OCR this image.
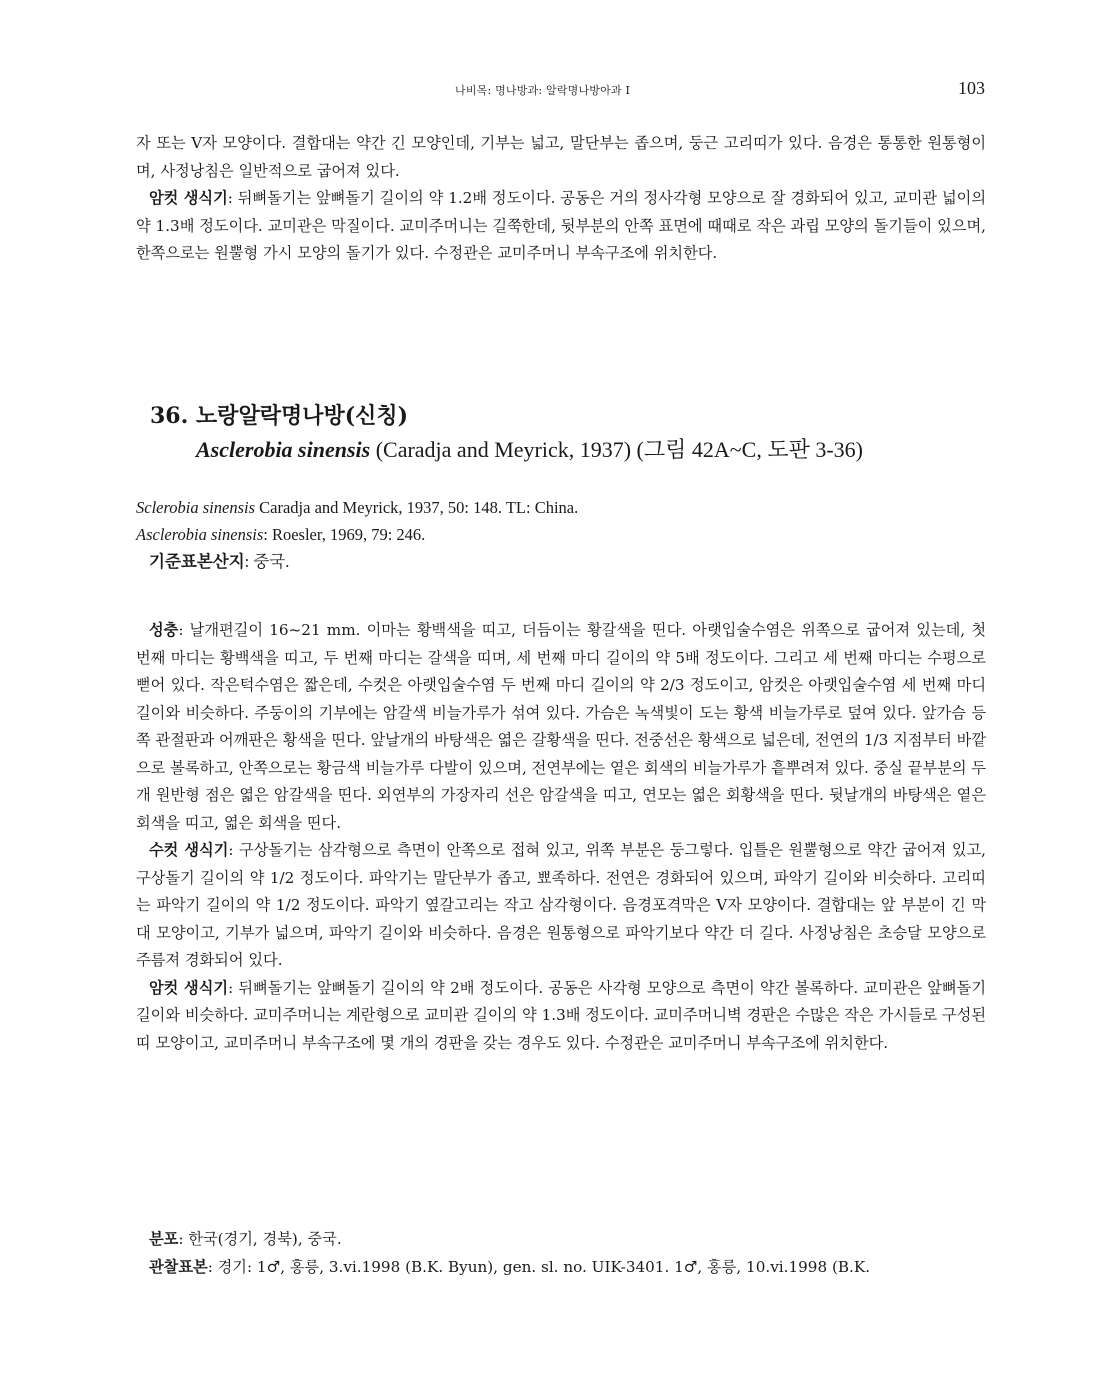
나비목: 명나방과: 알락명나방아과 I	103

자 또는 V자 모양이다. 결합대는 약간 긴 모양인데, 기부는 넓고, 말단부는 좁으며, 둥근 고리띠가 있다. 음경은 통통한 원통형이며, 사정낭침은 일반적으로 굽어져 있다.

암컷 생식기: 뒤뼈돌기는 앞뼈돌기 길이의 약 1.2배 정도이다. 공동은 거의 정사각형 모양으로 잘 경화되어 있고, 교미관 넓이의 약 1.3배 정도이다. 교미관은 막질이다. 교미주머니는 길쭉한데, 뒷부분의 안쪽 표면에 때때로 작은 과립 모양의 돌기들이 있으며, 한쪽으로는 원뿔형 가시 모양의 돌기가 있다. 수정관은 교미주머니 부속구조에 위치한다.

36. 노랑알락명나방(신칭)
Asclerobia sinensis (Caradja and Meyrick, 1937) (그림 42A~C, 도판 3-36)

Sclerobia sinensis Caradja and Meyrick, 1937, 50: 148. TL: China.

Asclerobia sinensis: Roesler, 1969, 79: 246.

기준표본산지: 중국.

성충: 날개편길이 16~21 mm. 이마는 황백색을 띠고, 더듬이는 황갈색을 띤다. 아랫입술수염은 위쪽으로 굽어져 있는데, 첫 번째 마디는 황백색을 띠고, 두 번째 마디는 갈색을 띠며, 세 번째 마디 길이의 약 5배 정도이다. 그리고 세 번째 마디는 수평으로 뻗어 있다. 작은턱수염은 짧은데, 수컷은 아랫입술수염 두 번째 마디 길이의 약 2/3 정도이고, 암컷은 아랫입술수염 세 번째 마디 길이와 비슷하다. 주둥이의 기부에는 암갈색 비늘가루가 섞여 있다. 가슴은 녹색빛이 도는 황색 비늘가루로 덮여 있다. 앞가슴 등쪽 관절판과 어깨판은 황색을 띤다. 앞날개의 바탕색은 엷은 갈황색을 띤다. 전중선은 황색으로 넓은데, 전연의 1/3 지점부터 바깥으로 볼록하고, 안쪽으로는 황금색 비늘가루 다발이 있으며, 전연부에는 옅은 회색의 비늘가루가 흩뿌려져 있다. 중실 끝부분의 두 개 원반형 점은 엷은 암갈색을 띤다. 외연부의 가장자리 선은 암갈색을 띠고, 연모는 엷은 회황색을 띤다. 뒷날개의 바탕색은 옅은 회색을 띠고, 엷은 회색을 띤다.

수컷 생식기: 구상돌기는 삼각형으로 측면이 안쪽으로 접혀 있고, 위쪽 부분은 둥그렇다. 입틀은 원뿔형으로 약간 굽어져 있고, 구상돌기 길이의 약 1/2 정도이다. 파악기는 말단부가 좁고, 뾰족하다. 전연은 경화되어 있으며, 파악기 길이와 비슷하다. 고리띠는 파악기 길이의 약 1/2 정도이다. 파악기 옆갈고리는 작고 삼각형이다. 음경포격막은 V자 모양이다. 결합대는 앞 부분이 긴 막대 모양이고, 기부가 넓으며, 파악기 길이와 비슷하다. 음경은 원통형으로 파악기보다 약간 더 길다. 사정낭침은 초승달 모양으로 주름져 경화되어 있다.

암컷 생식기: 뒤뼈돌기는 앞뼈돌기 길이의 약 2배 정도이다. 공동은 사각형 모양으로 측면이 약간 볼록하다. 교미관은 앞뼈돌기 길이와 비슷하다. 교미주머니는 계란형으로 교미관 길이의 약 1.3배 정도이다. 교미주머니벽 경판은 수많은 작은 가시들로 구성된 띠 모양이고, 교미주머니 부속구조에 몇 개의 경판을 갖는 경우도 있다. 수정관은 교미주머니 부속구조에 위치한다.

분포: 한국(경기, 경북), 중국.

관찰표본: 경기: 1♂, 홍릉, 3.vi.1998 (B.K. Byun), gen. sl. no. UIK-3401. 1♂, 홍릉, 10.vi.1998 (B.K.
